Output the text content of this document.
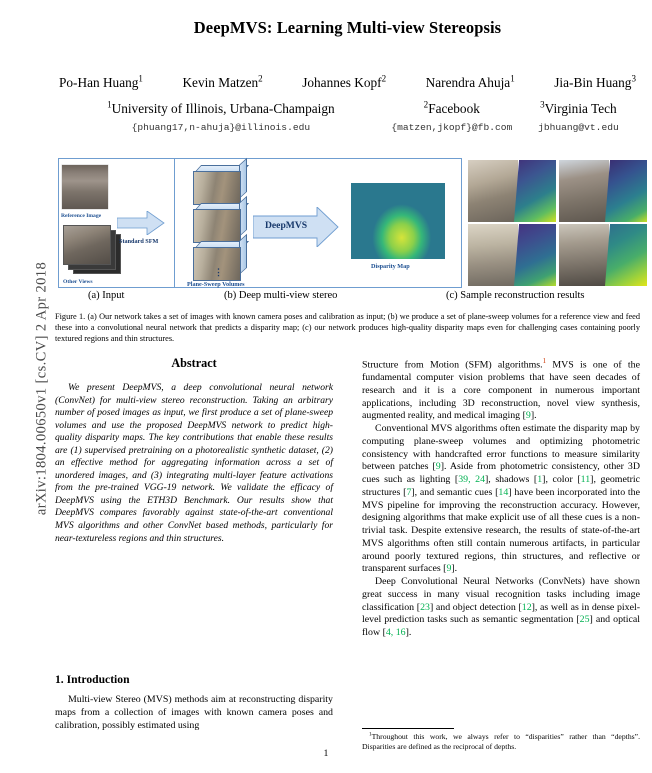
arXiv:1804.00650v1 [cs.CV] 2 Apr 2018
DeepMVS: Learning Multi-view Stereopsis
Po-Han Huang$^1$	Kevin Matzen$^2$	Johannes Kopf$^2$	Narendra Ahuja$^1$	Jia-Bin Huang$^3$
$^1$University of Illinois, Urbana-Champaign	$^2$Facebook	$^3$Virginia Tech
{phuang17,n-ahuja}@illinois.edu	{matzen,jkopf}@fb.com	jbhuang@vt.edu
Reference Image
Other Views
Standard SFM
⋮
Plane-Sweep Volumes
DeepMVS
Disparity Map
(a) Input	(b) Deep multi-view stereo	(c) Sample reconstruction results
Figure 1. (a) Our network takes a set of images with known camera poses and calibration as input; (b) we produce a set of plane-sweep volumes for a reference view and feed these into a convolutional neural network that predicts a disparity map; (c) our network produces high-quality disparity maps even for challenging cases containing poorly textured regions and thin structures.
Abstract

We present DeepMVS, a deep convolutional neural network (ConvNet) for multi-view stereo reconstruction. Taking an arbitrary number of posed images as input, we first produce a set of plane-sweep volumes and use the proposed DeepMVS network to predict high-quality disparity maps. The key contributions that enable these results are (1) supervised pretraining on a photorealistic synthetic dataset, (2) an effective method for aggregating information across a set of unordered images, and (3) integrating multi-layer feature activations from the pre-trained VGG-19 network. We validate the efficacy of DeepMVS using the ETH3D Benchmark. Our results show that DeepMVS compares favorably against state-of-the-art conventional MVS algorithms and other ConvNet based methods, particularly for near-textureless regions and thin structures.

1. Introduction

Multi-view Stereo (MVS) methods aim at reconstructing disparity maps from a collection of images with known camera poses and calibration, possibly estimated using

Structure from Motion (SFM) algorithms.$^1$ MVS is one of the fundamental computer vision problems that have seen decades of research and it is a core component in numerous important applications, including 3D reconstruction, novel view synthesis, augmented reality, and medical imaging [9].

Conventional MVS algorithms often estimate the disparity map by computing plane-sweep volumes and optimizing photometric consistency with handcrafted error functions to measure similarity between patches [9]. Aside from photometric consistency, other 3D cues such as lighting [39, 24], shadows [1], color [11], geometric structures [7], and semantic cues [14] have been incorporated into the MVS pipeline for improving the reconstruction accuracy. However, designing algorithms that make explicit use of all these cues is a non-trivial task. Despite extensive research, the results of state-of-the-art MVS algorithms often still contain numerous artifacts, in particular around poorly textured regions, thin structures, and reflective or transparent surfaces [9].

Deep Convolutional Neural Networks (ConvNets) have shown great success in many visual recognition tasks including image classification [23] and object detection [12], as well as in dense pixel-level prediction tasks such as semantic segmentation [25] and optical flow [4, 16].

$^1$Throughout this work, we always refer to “disparities” rather than “depths”. Disparities are defined as the reciprocal of depths.

1
